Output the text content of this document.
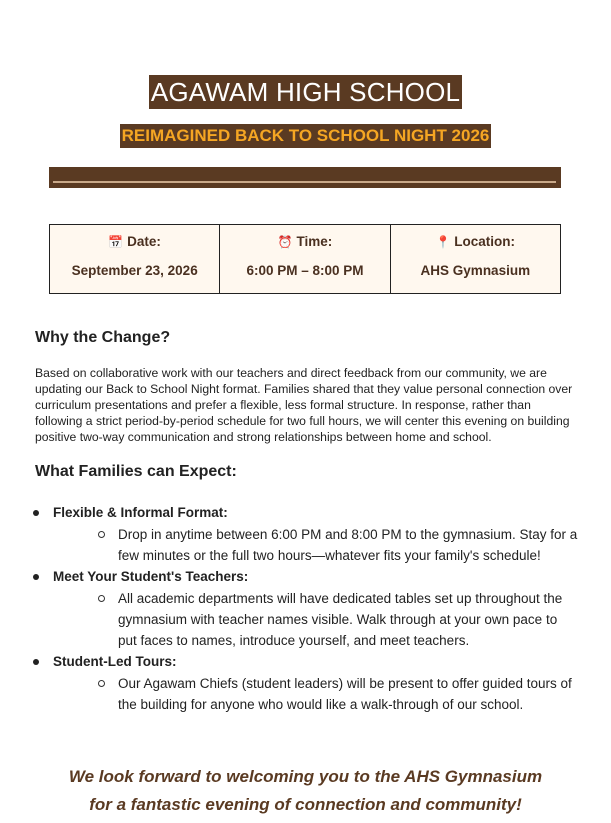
AGAWAM HIGH SCHOOL
REIMAGINED BACK TO SCHOOL NIGHT 2026
📅 Date:
September 23, 2026
⏰ Time:
6:00 PM – 8:00 PM
📍 Location:
AHS Gymnasium
Why the Change?
Based on collaborative work with our teachers and direct feedback from our community, we are updating our Back to School Night format. Families shared that they value personal connection over curriculum presentations and prefer a flexible, less formal structure. In response, rather than following a strict period-by-period schedule for two full hours, we will center this evening on building positive two-way communication and strong relationships between home and school.
What Families can Expect:
Flexible & Informal Format:
Drop in anytime between 6:00 PM and 8:00 PM to the gymnasium. Stay for a few minutes or the full two hours—whatever fits your family's schedule!
Meet Your Student's Teachers:
All academic departments will have dedicated tables set up throughout the gymnasium with teacher names visible. Walk through at your own pace to put faces to names, introduce yourself, and meet teachers.
Student-Led Tours:
Our Agawam Chiefs (student leaders) will be present to offer guided tours of the building for anyone who would like a walk-through of our school.
We look forward to welcoming you to the AHS Gymnasium
for a fantastic evening of connection and community!
